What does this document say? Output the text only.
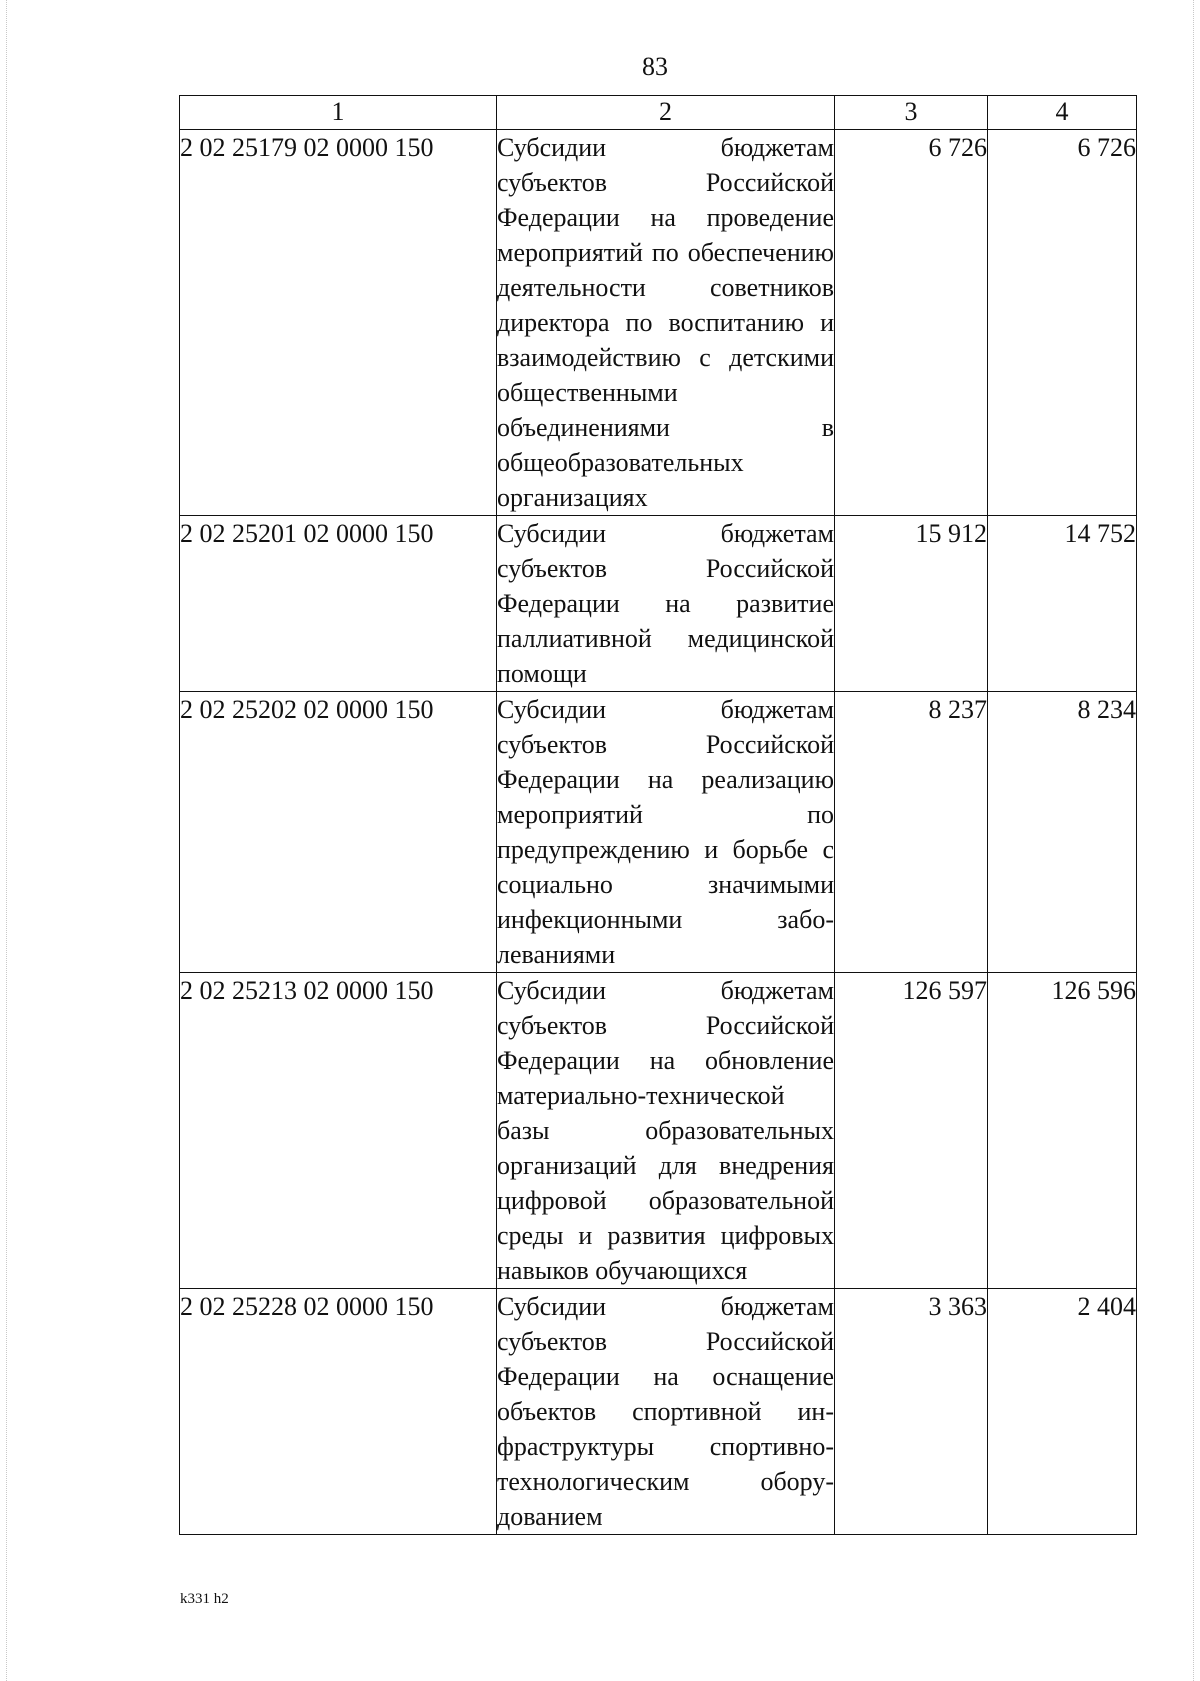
83
1	2	3	4
2 02 25179 02 0000 150	Субсидии бюджетам субъектов Российской Федерации на проведение мероприятий по обеспечению деятельности советников директора по воспитанию и взаимодействию с детскими общественными объединениями в общеобразовательных организациях	6 726	6 726
2 02 25201 02 0000 150	Субсидии бюджетам субъектов Российской Федерации на развитие паллиативной медицинской помощи	15 912	14 752
2 02 25202 02 0000 150	Субсидии бюджетам субъектов Российской Федерации на реализацию мероприятий по предупреждению и борьбе с социально значимыми инфекционными заболеваниями	8 237	8 234
2 02 25213 02 0000 150	Субсидии бюджетам субъектов Российской Федерации на обновление материально-технической базы образовательных организаций для внедрения цифровой образовательной среды и развития цифровых навыков обучающихся	126 597	126 596
2 02 25228 02 0000 150	Субсидии бюджетам субъектов Российской Федерации на оснащение объектов спортивной инфраструктуры спортивно-технологическим оборудованием	3 363	2 404
k331 h2
